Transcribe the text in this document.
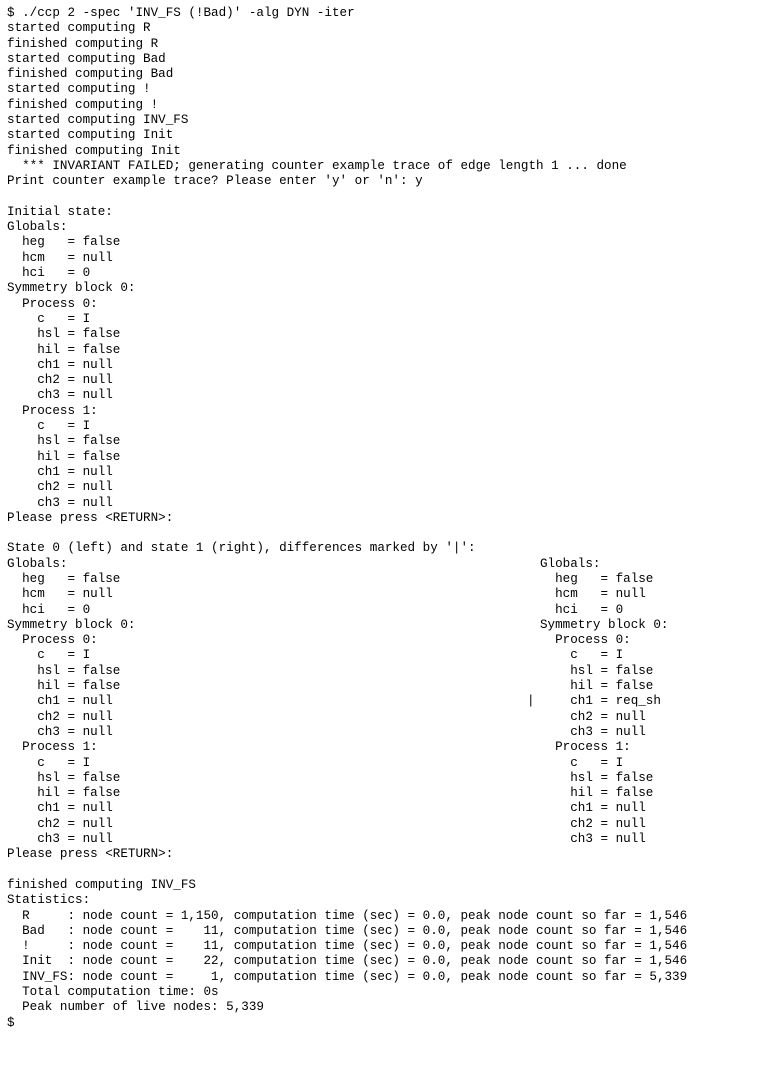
$ ./ccp 2 -spec 'INV_FS (!Bad)' -alg DYN -iter
started computing R
finished computing R
started computing Bad
finished computing Bad
started computing !
finished computing !
started computing INV_FS
started computing Init
finished computing Init
*** INVARIANT FAILED; generating counter example trace of edge length 1 ... done
Print counter example trace? Please enter 'y' or 'n': y
Initial state:
Globals:
heg   = false
hcm   = null
hci   = 0
Symmetry block 0:
Process 0:
c   = I
hsl = false
hil = false
ch1 = null
ch2 = null
ch3 = null
Process 1:
c   = I
hsl = false
hil = false
ch1 = null
ch2 = null
ch3 = null
Please press <RETURN>:
State 0 (left) and state 1 (right), differences marked by '|':
Globals:	Globals:
heg   = false	heg   = false
hcm   = null	hcm   = null
hci   = 0	hci   = 0
Symmetry block 0:	Symmetry block 0:
Process 0:	Process 0:
c   = I	c   = I
hsl = false	hsl = false
hil = false	hil = false
ch1 = null	| ch1 = req_sh
ch2 = null	ch2 = null
ch3 = null	ch3 = null
Process 1:	Process 1:
c   = I	c   = I
hsl = false	hsl = false
hil = false	hil = false
ch1 = null	ch1 = null
ch2 = null	ch2 = null
ch3 = null	ch3 = null
Please press <RETURN>:
finished computing INV_FS
Statistics:
R     : node count = 1,150, computation time (sec) = 0.0, peak node count so far = 1,546
Bad   : node count =    11, computation time (sec) = 0.0, peak node count so far = 1,546
!     : node count =    11, computation time (sec) = 0.0, peak node count so far = 1,546
Init  : node count =    22, computation time (sec) = 0.0, peak node count so far = 1,546
INV_FS: node count =     1, computation time (sec) = 0.0, peak node count so far = 5,339
Total computation time: 0s
Peak number of live nodes: 5,339
$
